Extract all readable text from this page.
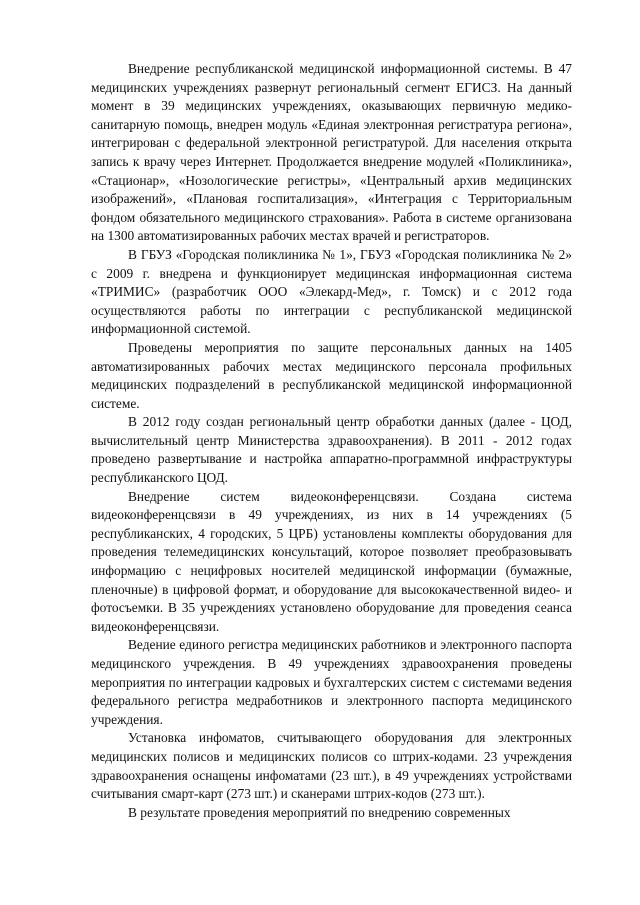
Внедрение республиканской медицинской информационной системы. В 47 медицинских учреждениях развернут региональный сегмент ЕГИСЗ. На данный момент в 39 медицинских учреждениях, оказывающих первичную медико-санитарную помощь, внедрен модуль «Единая электронная регистратура региона», интегрирован с федеральной электронной регистратурой. Для населения открыта запись к врачу через Интернет. Продолжается внедрение модулей «Поликлиника», «Стационар», «Нозологические регистры», «Центральный архив медицинских изображений», «Плановая госпитализация», «Интеграция с Территориальным фондом обязательного медицинского страхования». Работа в системе организована на 1300 автоматизированных рабочих местах врачей и регистраторов.

В ГБУЗ «Городская поликлиника № 1», ГБУЗ «Городская поликлиника № 2» с 2009 г. внедрена и функционирует медицинская информационная система «ТРИМИС» (разработчик ООО «Элекард-Мед», г. Томск) и с 2012 года осуществляются работы по интеграции с республиканской медицинской информационной системой.

Проведены мероприятия по защите персональных данных на 1405 автоматизированных рабочих местах медицинского персонала профильных медицинских подразделений в республиканской медицинской информационной системе.

В 2012 году создан региональный центр обработки данных (далее - ЦОД, вычислительный центр Министерства здравоохранения). В 2011 - 2012 годах проведено развертывание и настройка аппаратно-программной инфраструктуры республиканского ЦОД.

Внедрение систем видеоконференцсвязи. Создана система видеоконференцсвязи в 49 учреждениях, из них в 14 учреждениях (5 республиканских, 4 городских, 5 ЦРБ) установлены комплекты оборудования для проведения телемедицинских консультаций, которое позволяет преобразовывать информацию с нецифровых носителей медицинской информации (бумажные, пленочные) в цифровой формат, и оборудование для высококачественной видео- и фотосъемки. В 35 учреждениях установлено оборудование для проведения сеанса видеоконференцсвязи.

Ведение единого регистра медицинских работников и электронного паспорта медицинского учреждения. В 49 учреждениях здравоохранения проведены мероприятия по интеграции кадровых и бухгалтерских систем с системами ведения федерального регистра медработников и электронного паспорта медицинского учреждения.

Установка инфоматов, считывающего оборудования для электронных медицинских полисов и медицинских полисов со штрих-кодами. 23 учреждения здравоохранения оснащены инфоматами (23 шт.), в 49 учреждениях устройствами считывания смарт-карт (273 шт.) и сканерами штрих-кодов (273 шт.).

В результате проведения мероприятий по внедрению современных
